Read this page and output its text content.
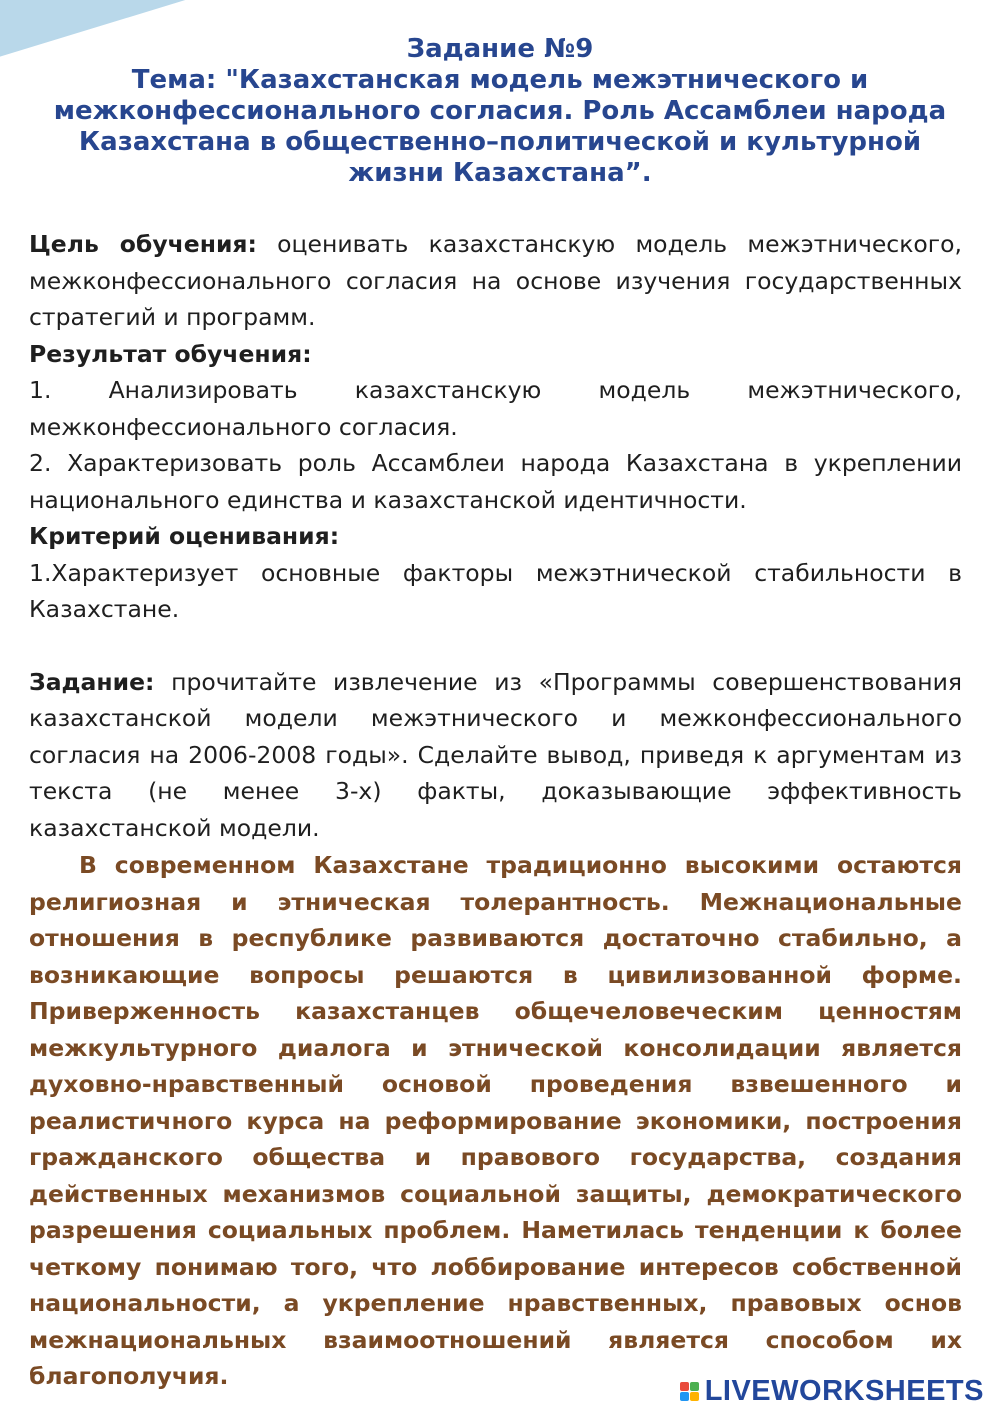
Задание №9
Тема: "Казахстанская модель межэтнического и межконфессионального согласия. Роль Ассамблеи народа Казахстана в общественно–политической и культурной жизни Казахстана”.

Цель обучения: оценивать казахстанскую модель межэтнического, межконфессионального согласия на основе изучения государственных стратегий и программ.

Результат обучения:

1. Анализировать казахстанскую модель межэтнического, межконфессионального согласия.

2. Характеризовать роль Ассамблеи народа Казахстана в укреплении национального единства и казахстанской идентичности.

Критерий оценивания:

1.Характеризует основные факторы межэтнической стабильности в Казахстане.

Задание: прочитайте извлечение из «Программы совершенствования казахстанской модели межэтнического и межконфессионального согласия на 2006-2008 годы». Сделайте вывод, приведя к аргументам из текста (не менее 3-х) факты, доказывающие эффективность казахстанской модели.

В современном Казахстане традиционно высокими остаются религиозная и этническая толерантность. Межнациональные отношения в республике развиваются достаточно стабильно, а возникающие вопросы решаются в цивилизованной форме. Приверженность казахстанцев общечеловеческим ценностям межкультурного диалога и этнической консолидации является духовно-нравственный основой проведения взвешенного и реалистичного курса на реформирование экономики, построения гражданского общества и правового государства, создания действенных механизмов социальной защиты, демократического разрешения социальных проблем. Наметилась тенденции к более четкому понимаю того, что лоббирование интересов собственной национальности, а укрепление нравственных, правовых основ межнациональных взаимоотношений является способом их благополучия.	LIVEWORKSHEETS
